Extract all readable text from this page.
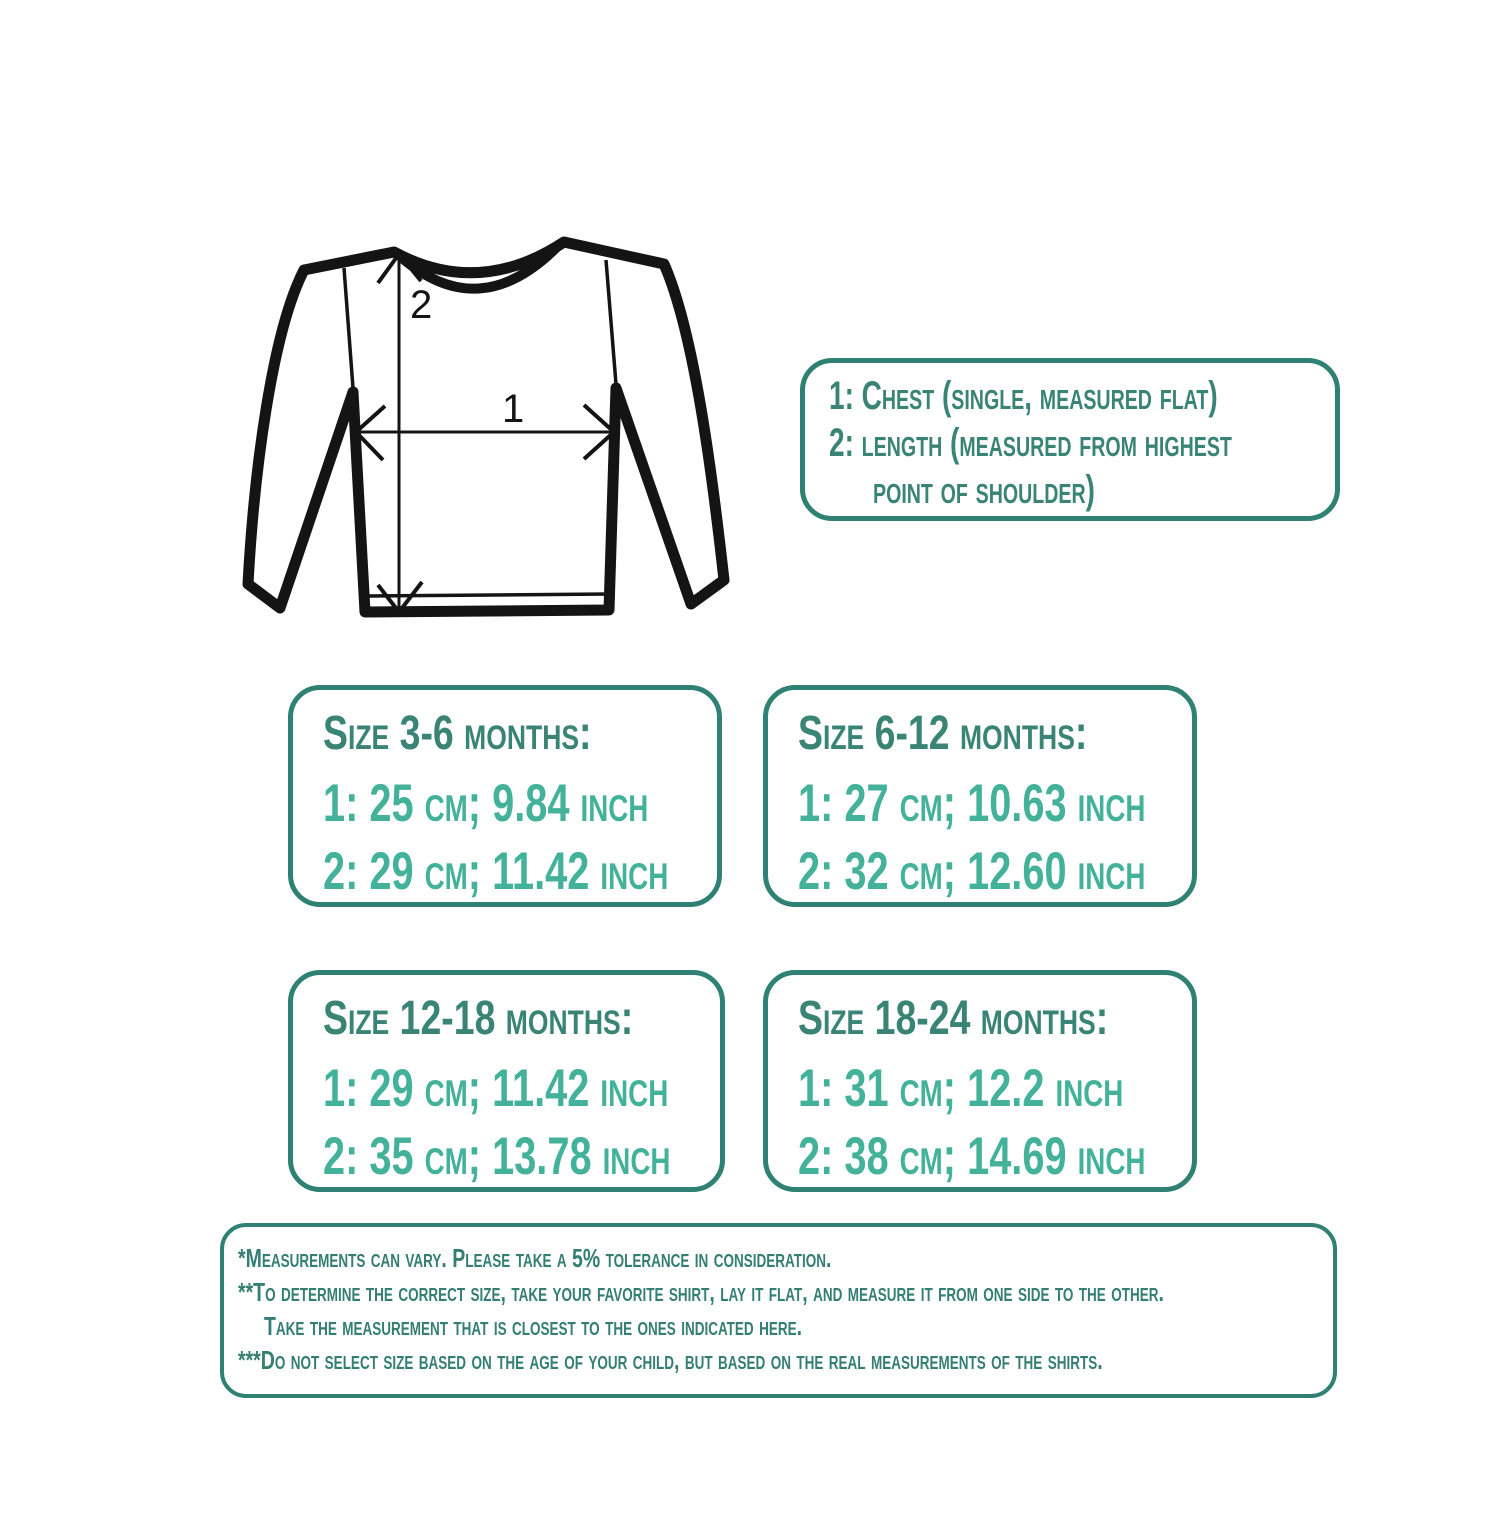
2
1	1: Chest (single, measured flat)
2: length (measured from highest
point of shoulder)
Size 3-6 months:
1: 25 cm; 9.84 inch
2: 29 cm; 11.42 inch
Size 6-12 months:
1: 27 cm; 10.63 inch
2: 32 cm; 12.60 inch
Size 12-18 months:
1: 29 cm; 11.42 inch
2: 35 cm; 13.78 inch
Size 18-24 months:
1: 31 cm; 12.2 inch
2: 38 cm; 14.69 inch
*Measurements can vary. Please take a 5% tolerance in consideration.
**To determine the correct size, take your favorite shirt, lay it flat, and measure it from one side to the other.
Take the measurement that is closest to the ones indicated here.
***Do not select size based on the age of your child, but based on the real measurements of the shirts.
